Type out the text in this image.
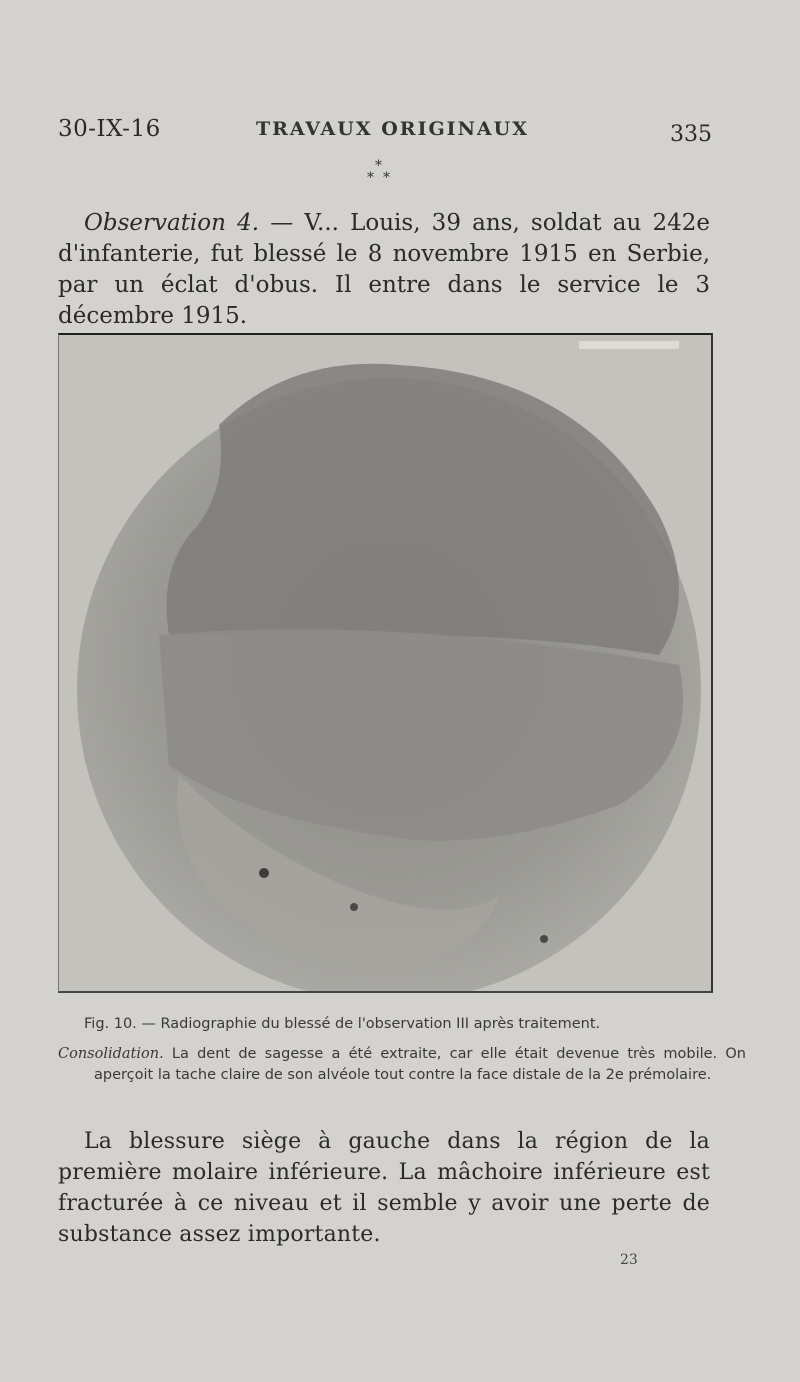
30-IX-16	TRAVAUX ORIGINAUX	335
*
* *

Observation 4. — V... Louis, 39 ans, soldat au 242e d'infanterie, fut blessé le 8 novembre 1915 en Serbie, par un éclat d'obus. Il entre dans le service le 3 décembre 1915.

Fig. 10. — Radiographie du blessé de l'observation III après traitement.
Consolidation. La dent de sagesse a été extraite, car elle était devenue très mobile. On aperçoit la tache claire de son alvéole tout contre la face distale de la 2e prémolaire.

La blessure siège à gauche dans la région de la première molaire inférieure. La mâchoire inférieure est fracturée à ce niveau et il semble y avoir une perte de substance assez importante.

23
